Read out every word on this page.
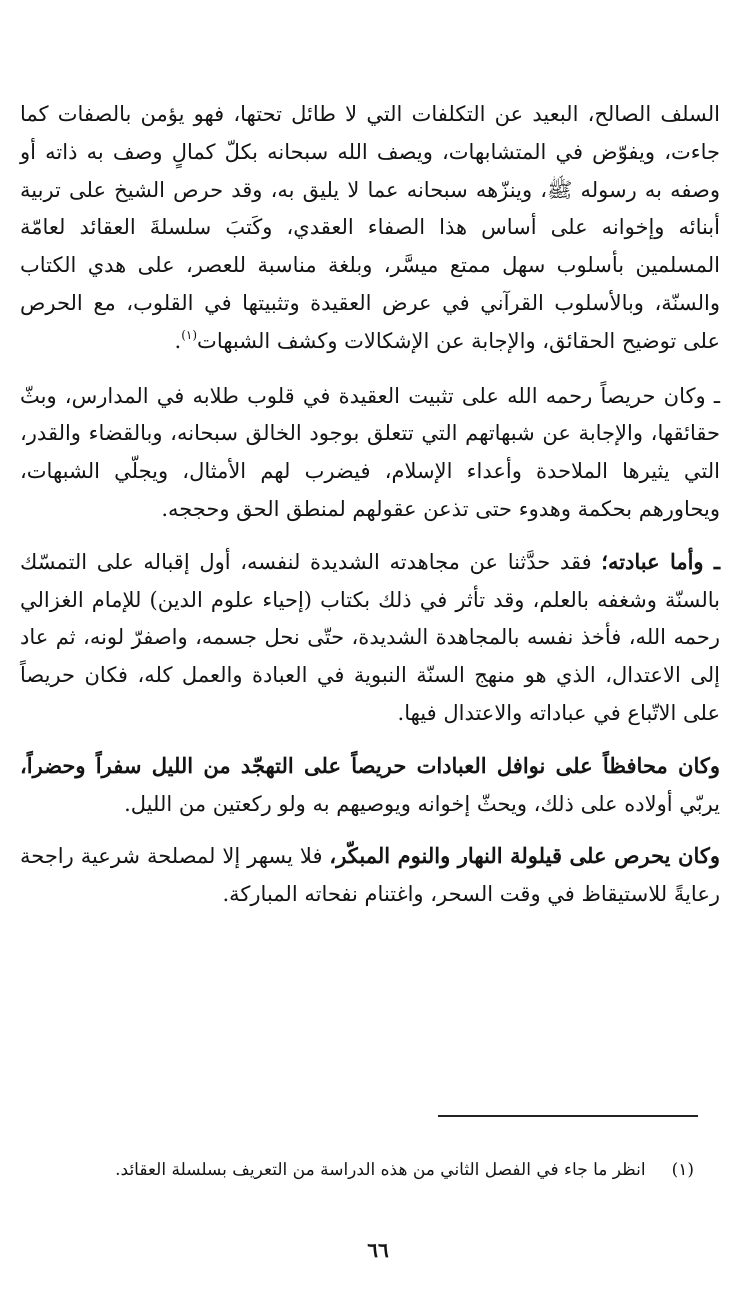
السلف الصالح، البعيد عن التكلفات التي لا طائل تحتها، فهو يؤمن بالصفات كما جاءت، ويفوّض في المتشابهات، ويصف الله سبحانه بكلّ كمالٍ وصف به ذاته أو وصفه به رسوله ﷺ، وينزّهه سبحانه عما لا يليق به، وقد حرص الشيخ على تربية أبنائه وإخوانه على أساس هذا الصفاء العقدي، وكَتبَ سلسلةَ العقائد لعامّة المسلمين بأسلوب سهل ممتع ميسَّر، وبلغة مناسبة للعصر، على هدي الكتاب والسنّة، وبالأسلوب القرآني في عرض العقيدة وتثبيتها في القلوب، مع الحرص على توضيح الحقائق، والإجابة عن الإشكالات وكشف الشبهات$^{(١)}$.

ـ وكان حريصاً رحمه الله على تثبيت العقيدة في قلوب طلابه في المدارس، وبثّ حقائقها، والإجابة عن شبهاتهم التي تتعلق بوجود الخالق سبحانه، وبالقضاء والقدر، التي يثيرها الملاحدة وأعداء الإسلام، فيضرب لهم الأمثال، ويجلّي الشبهات، ويحاورهم بحكمة وهدوء حتى تذعن عقولهم لمنطق الحق وحججه.

ـ وأما عبادته؛ فقد حدَّثنا عن مجاهدته الشديدة لنفسه، أول إقباله على التمسّك بالسنّة وشغفه بالعلم، وقد تأثر في ذلك بكتاب (إحياء علوم الدين) للإمام الغزالي رحمه الله، فأخذ نفسه بالمجاهدة الشديدة، حتّى نحل جسمه، واصفرّ لونه، ثم عاد إلى الاعتدال، الذي هو منهج السنّة النبوية في العبادة والعمل كله، فكان حريصاً على الاتّباع في عباداته والاعتدال فيها.

وكان محافظاً على نوافل العبادات حريصاً على التهجّد من الليل سفراً وحضراً، يربّي أولاده على ذلك، ويحثّ إخوانه ويوصيهم به ولو ركعتين من الليل.

وكان يحرص على قيلولة النهار والنوم المبكّر، فلا يسهر إلا لمصلحة شرعية راجحة رعايةً للاستيقاظ في وقت السحر، واغتنام نفحاته المباركة.

(١)انظر ما جاء في الفصل الثاني من هذه الدراسة من التعريف بسلسلة العقائد.
٦٦
